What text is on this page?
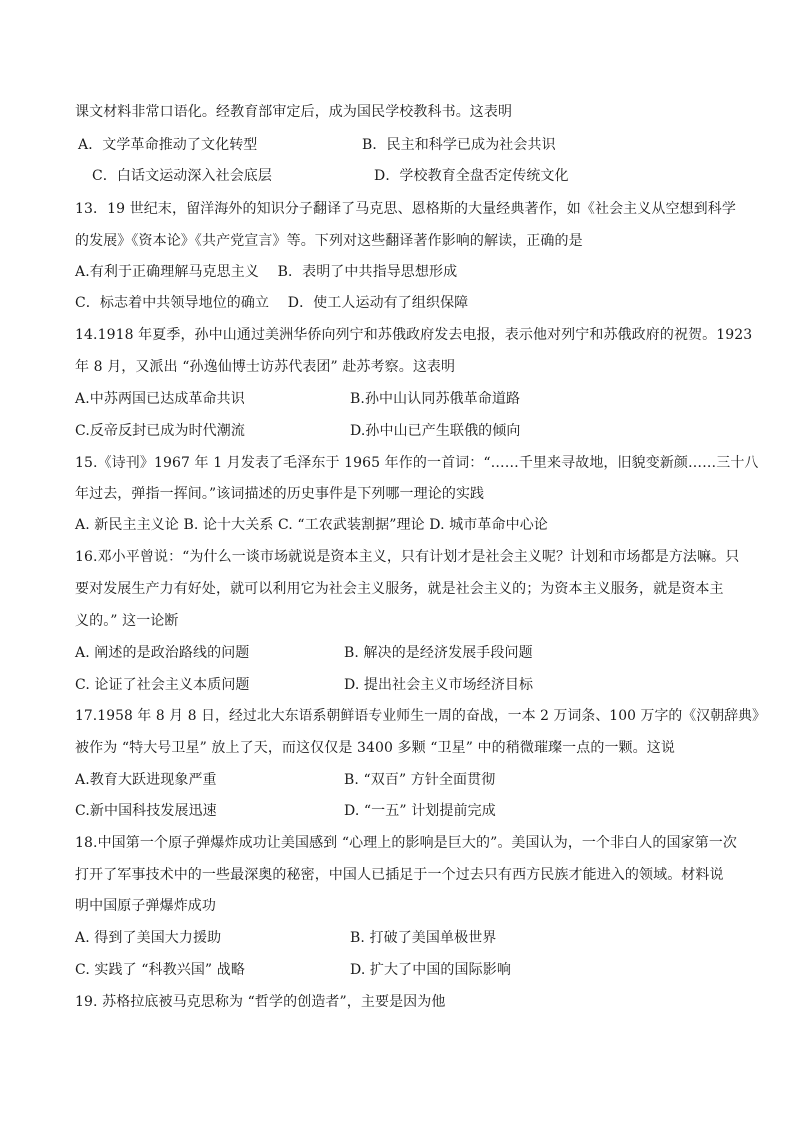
课文材料非常口语化。经教育部审定后，成为国民学校教科书。这表明
A．文学革命推动了文化转型	B．民主和科学已成为社会共识
C．白话文运动深入社会底层	D．学校教育全盘否定传统文化
13．19 世纪末，留洋海外的知识分子翻译了马克思、恩格斯的大量经典著作，如《社会主义从空想到科学
的发展》《资本论》《共产党宣言》等。下列对这些翻译著作影响的解读，正确的是
A.有利于正确理解马克思主义　 B．表明了中共指导思想形成
C．标志着中共领导地位的确立　 D．使工人运动有了组织保障
14.1918 年夏季，孙中山通过美洲华侨向列宁和苏俄政府发去电报，表示他对列宁和苏俄政府的祝贺。1923
年 8 月，又派出 “孙逸仙博士访苏代表团” 赴苏考察。这表明
A.中苏两国已达成革命共识	B.孙中山认同苏俄革命道路
C.反帝反封已成为时代潮流	D.孙中山已产生联俄的倾向
15.《诗刊》1967 年 1 月发表了毛泽东于 1965 年作的一首词：“……千里来寻故地，旧貌变新颜……三十八
年过去，弹指一挥间。”该词描述的历史事件是下列哪一理论的实践
A. 新民主主义论 B. 论十大关系 C. “工农武装割据”理论 D. 城市革命中心论
16.邓小平曾说：“为什么一谈市场就说是资本主义，只有计划才是社会主义呢？计划和市场都是方法嘛。只
要对发展生产力有好处，就可以利用它为社会主义服务，就是社会主义的；为资本主义服务，就是资本主
义的。” 这一论断
A. 阐述的是政治路线的问题	B. 解决的是经济发展手段问题
C. 论证了社会主义本质问题	D. 提出社会主义市场经济目标
17.1958 年 8 月 8 日，经过北大东语系朝鲜语专业师生一周的奋战，一本 2 万词条、100 万字的《汉朝辞典》
被作为 “特大号卫星” 放上了天，而这仅仅是 3400 多颗 “卫星” 中的稍微璀璨一点的一颗。这说
A.教育大跃进现象严重	B. “双百” 方针全面贯彻
C.新中国科技发展迅速	D. “一五” 计划提前完成
18.中国第一个原子弹爆炸成功让美国感到 “心理上的影响是巨大的”。美国认为，一个非白人的国家第一次
打开了军事技术中的一些最深奥的秘密，中国人已插足于一个过去只有西方民族才能进入的领域。材料说
明中国原子弹爆炸成功
A. 得到了美国大力援助	B. 打破了美国单极世界
C. 实践了 “科教兴国” 战略	D. 扩大了中国的国际影响
19. 苏格拉底被马克思称为 “哲学的创造者”，主要是因为他
